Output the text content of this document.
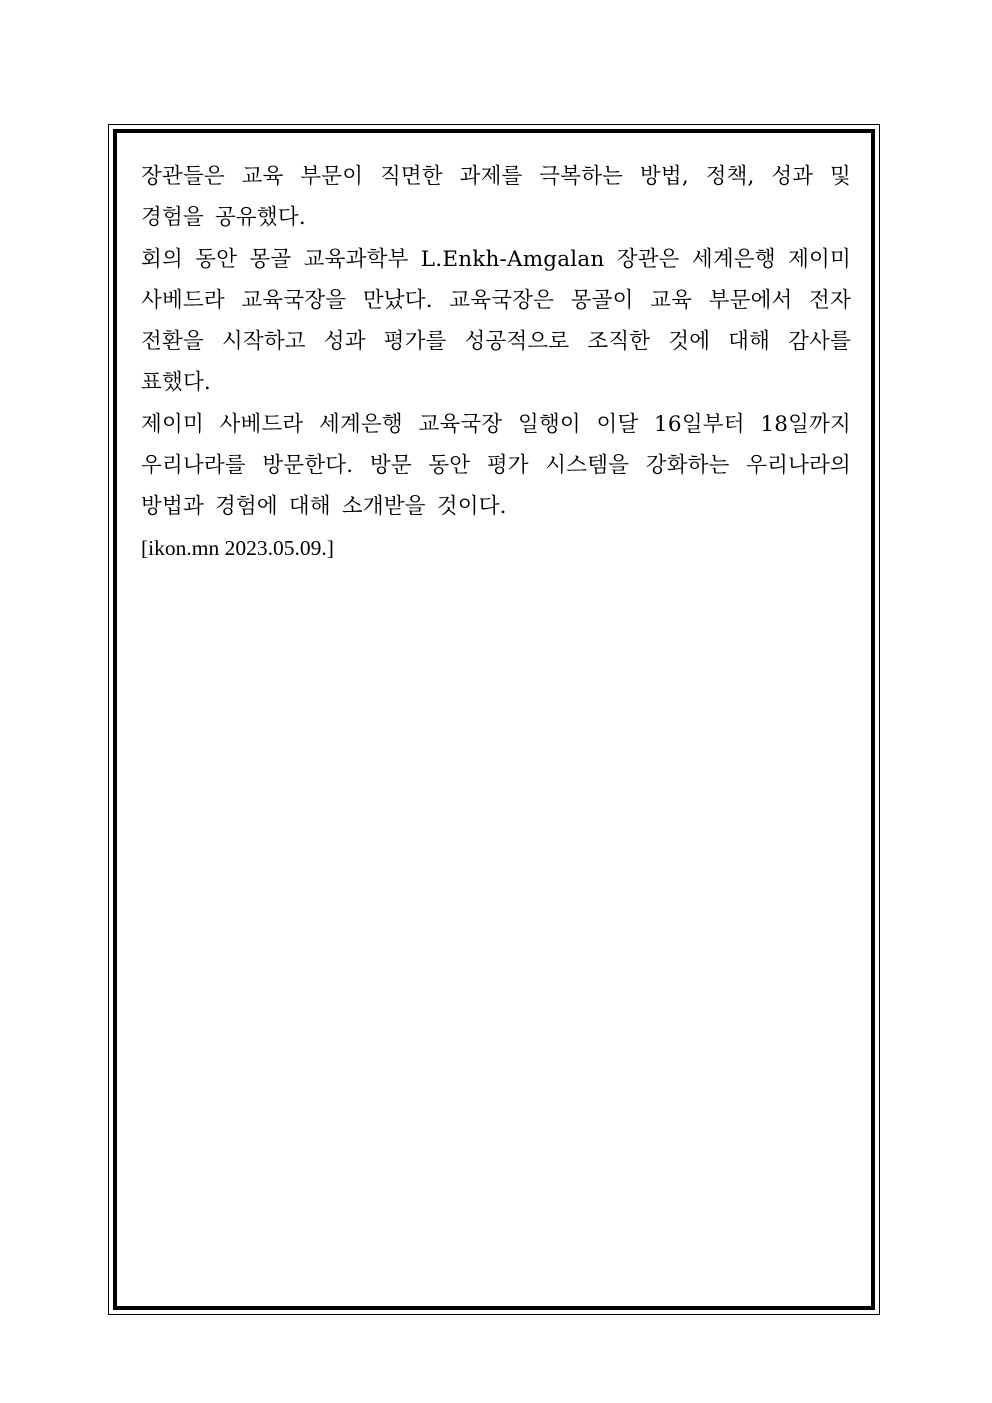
장관들은 교육 부문이 직면한 과제를 극복하는 방법, 정책, 성과 및 경험을 공유했다.

회의 동안 몽골 교육과학부 L.Enkh-Amgalan 장관은 세계은행 제이미 사베드라 교육국장을 만났다. 교육국장은 몽골이 교육 부문에서 전자 전환을 시작하고 성과 평가를 성공적으로 조직한 것에 대해 감사를 표했다.

제이미 사베드라 세계은행 교육국장 일행이 이달 16일부터 18일까지 우리나라를 방문한다. 방문 동안 평가 시스템을 강화하는 우리나라의 방법과 경험에 대해 소개받을 것이다.

[ikon.mn 2023.05.09.]
